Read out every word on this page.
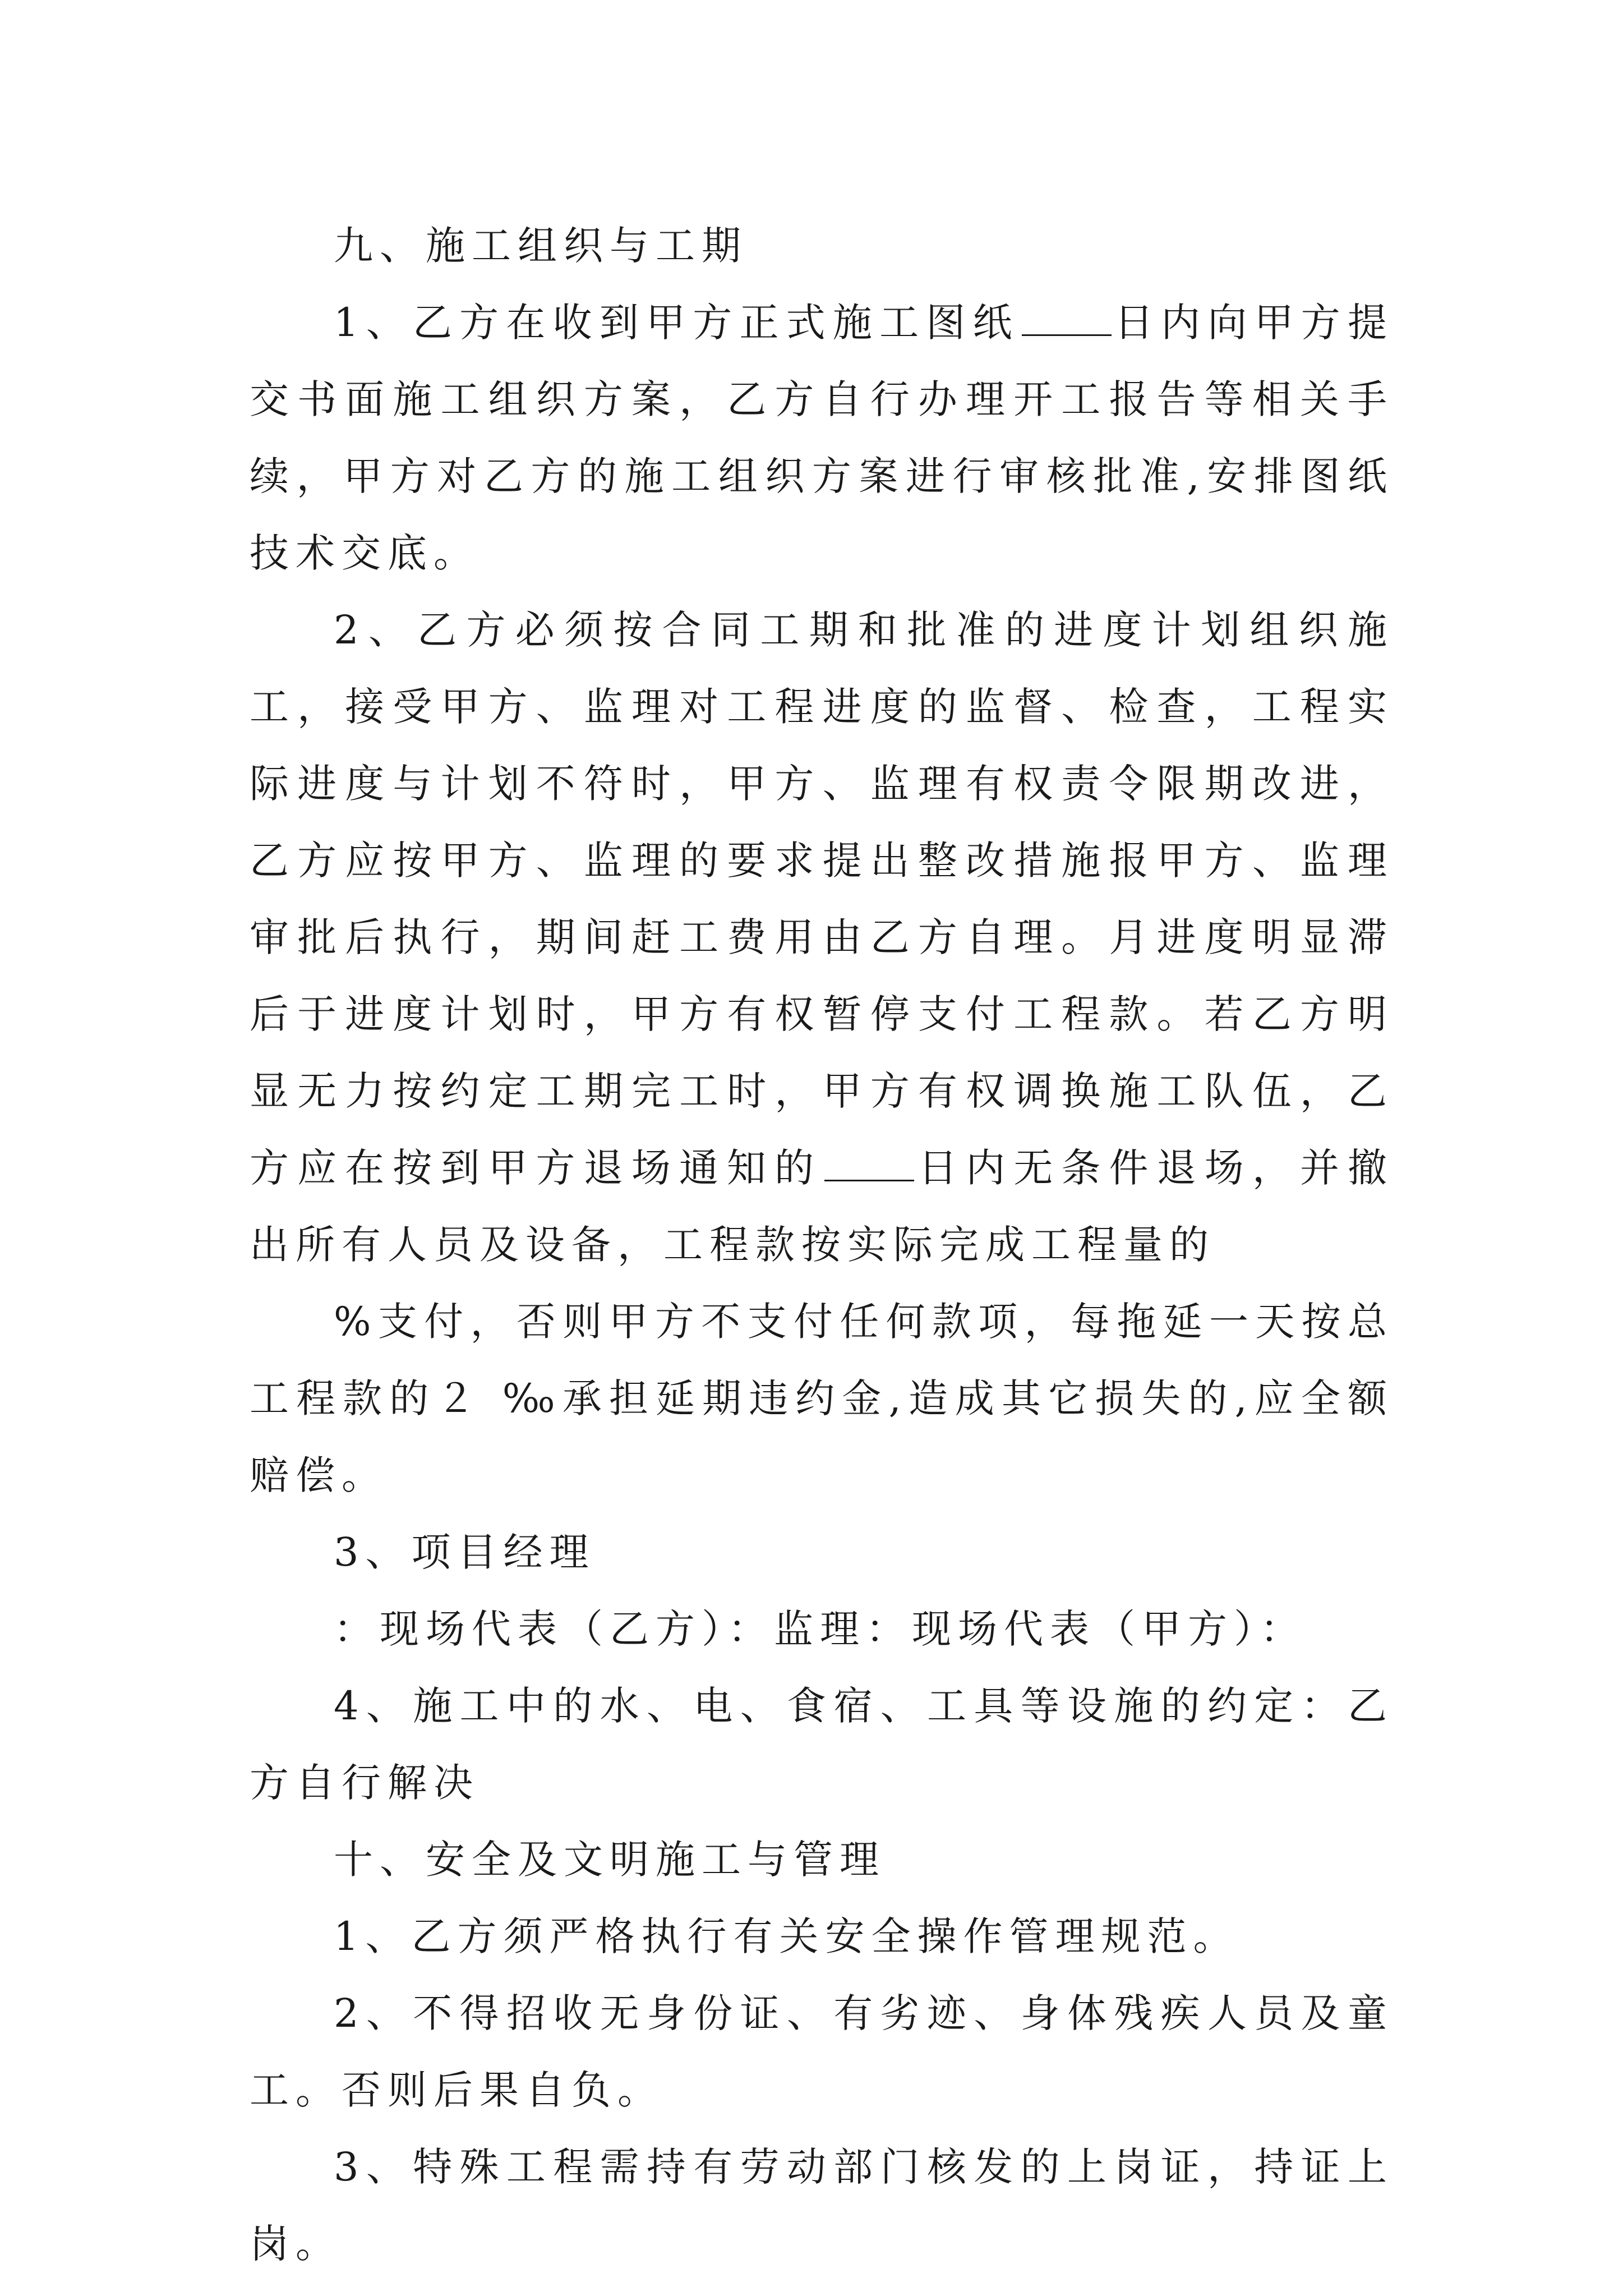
九、施工组织与工期

1、乙方在收到甲方正式施工图纸 日内向甲方提交书面施工组织方案，乙方自行办理开工报告等相关手续，甲方对乙方的施工组织方案进行审核批准,安排图纸技术交底。

2、乙方必须按合同工期和批准的进度计划组织施工，接受甲方、监理对工程进度的监督、检查，工程实际进度与计划不符时，甲方、监理有权责令限期改进，乙方应按甲方、监理的要求提出整改措施报甲方、监理审批后执行，期间赶工费用由乙方自理。月进度明显滞后于进度计划时，甲方有权暂停支付工程款。若乙方明显无力按约定工期完工时，甲方有权调换施工队伍，乙方应在按到甲方退场通知的 日内无条件退场，并撤出所有人员及设备，工程款按实际完成工程量的

%支付，否则甲方不支付任何款项，每拖延一天按总工程款的２ ‰承担延期违约金,造成其它损失的,应全额赔偿。

3、项目经理

：现场代表（乙方）：监理：现场代表（甲方）：

4、施工中的水、电、食宿、工具等设施的约定：乙方自行解决

十、安全及文明施工与管理

1、乙方须严格执行有关安全操作管理规范。

2、不得招收无身份证、有劣迹、身体残疾人员及童工。否则后果自负。

3、特殊工程需持有劳动部门核发的上岗证，持证上岗。
